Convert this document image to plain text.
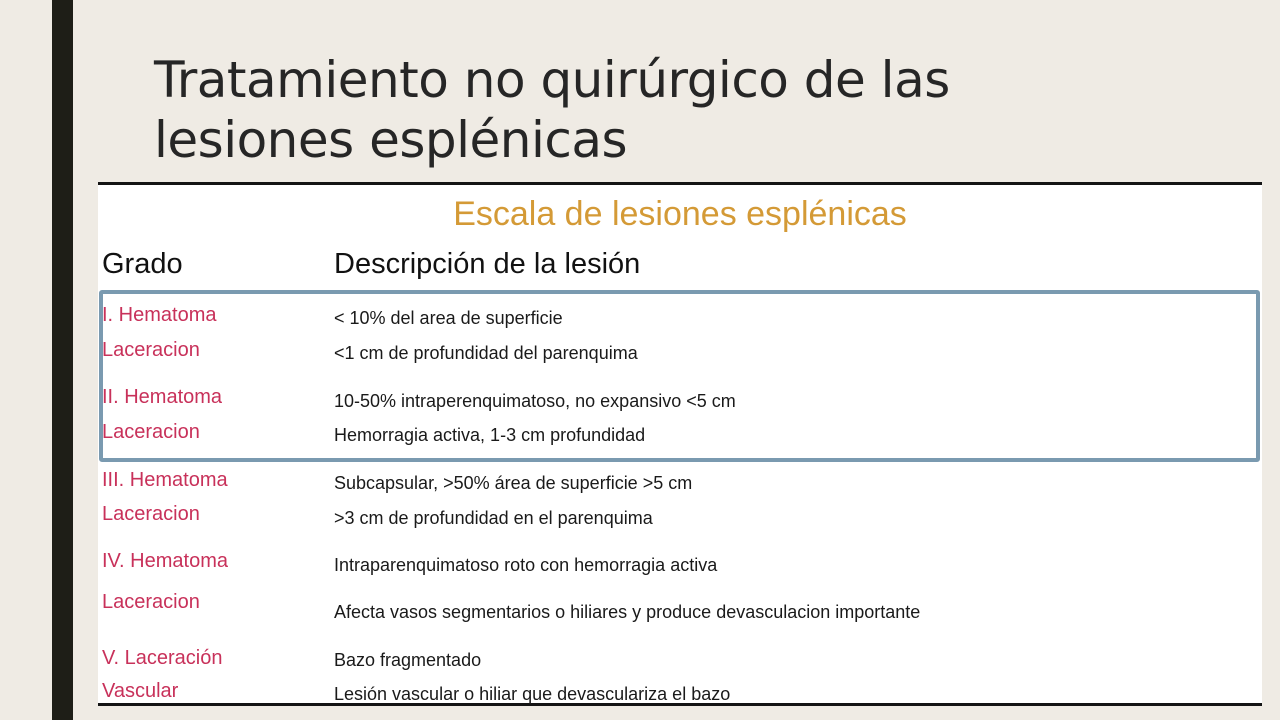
Tratamiento no quirúrgico de las
lesiones esplénicas
Escala de lesiones esplénicas
Grado	Descripción de la lesión
I. Hematoma
Laceracion
< 10% del area de superficie
<1 cm de profundidad del parenquima
II. Hematoma
Laceracion
10-50% intraperenquimatoso, no expansivo <5 cm
Hemorragia activa, 1-3 cm profundidad
III. Hematoma
Laceracion
Subcapsular, >50% área de superficie >5 cm
>3 cm de profundidad en el parenquima
IV. Hematoma
Laceracion
Intraparenquimatoso roto con hemorragia activa
Afecta vasos segmentarios o hiliares y produce devasculacion importante
V. Laceración
Vascular
Bazo fragmentado
Lesión vascular o hiliar que devasculariza el bazo
